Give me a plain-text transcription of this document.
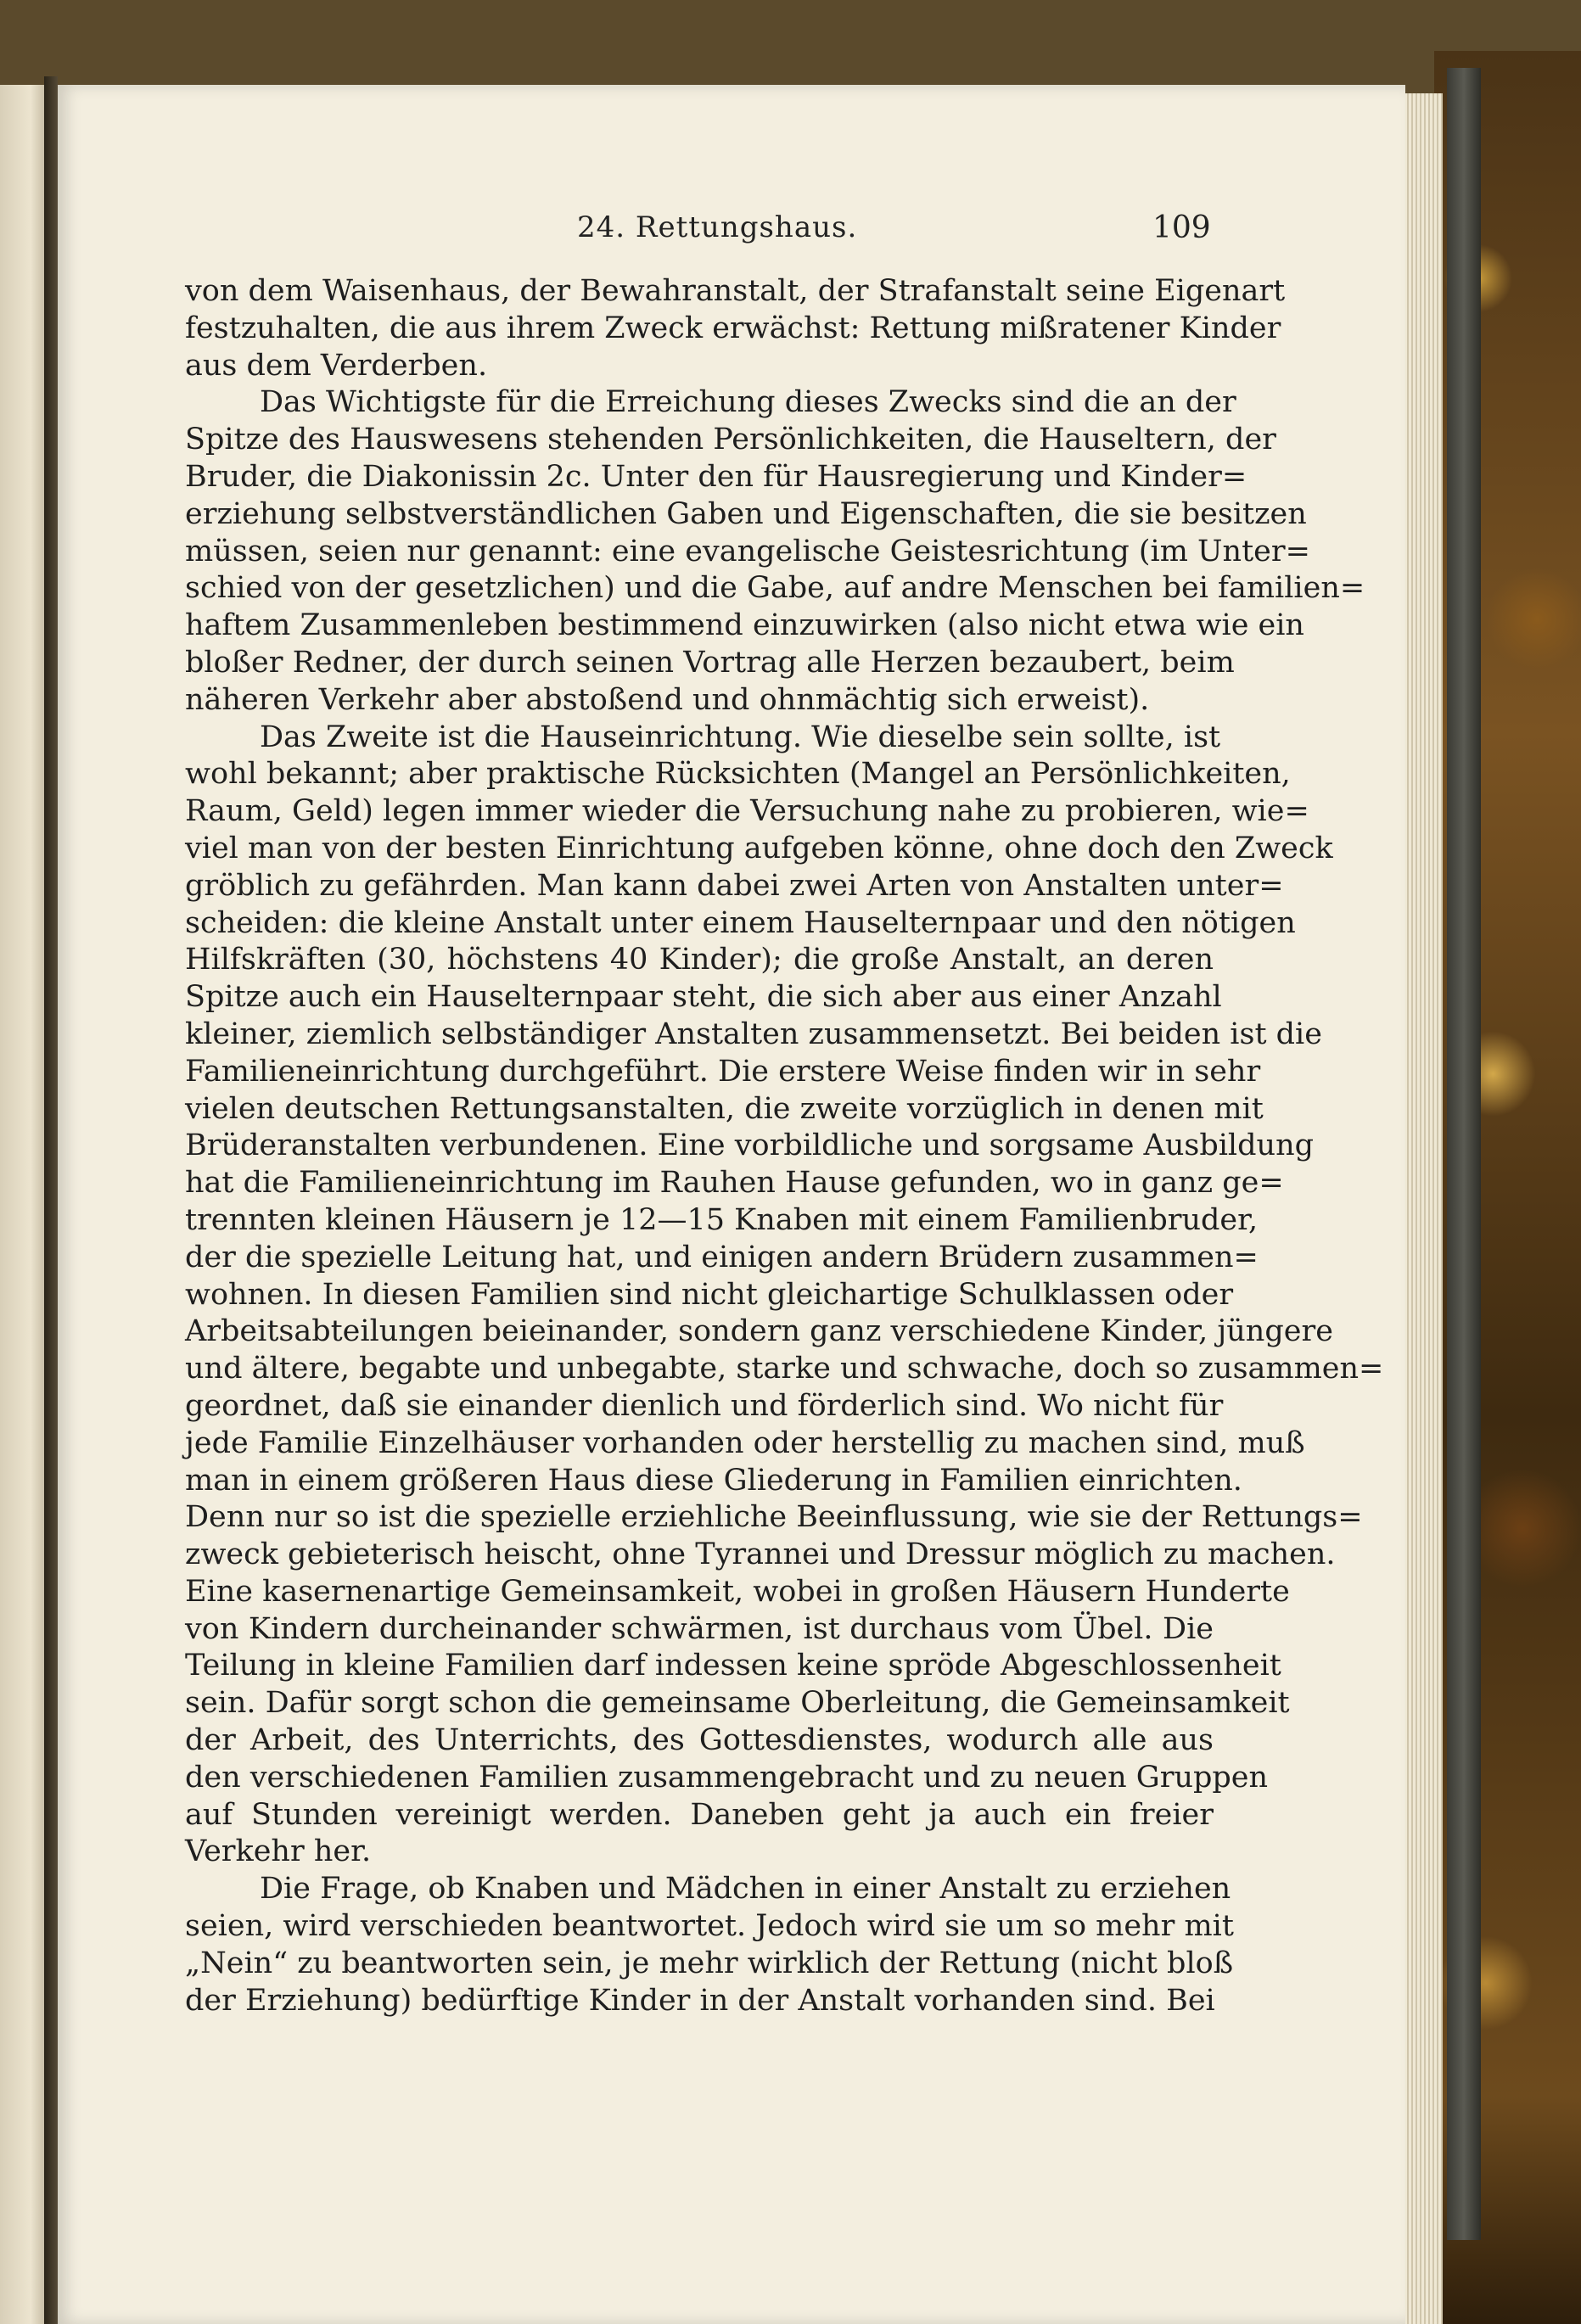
24. Rettungshaus.	109
von dem Waisenhaus, der Bewahranstalt, der Strafanstalt seine Eigenart
festzuhalten, die aus ihrem Zweck erwächst: Rettung mißratener Kinder
aus dem Verderben.
Das Wichtigste für die Erreichung dieses Zwecks sind die an der
Spitze des Hauswesens stehenden Persönlichkeiten, die Hauseltern, der
Bruder, die Diakonissin 2c. Unter den für Hausregierung und Kinder=
erziehung selbstverständlichen Gaben und Eigenschaften, die sie besitzen
müssen, seien nur genannt: eine evangelische Geistesrichtung (im Unter=
schied von der gesetzlichen) und die Gabe, auf andre Menschen bei familien=
haftem Zusammenleben bestimmend einzuwirken (also nicht etwa wie ein
bloßer Redner, der durch seinen Vortrag alle Herzen bezaubert, beim
näheren Verkehr aber abstoßend und ohnmächtig sich erweist).
Das Zweite ist die Hauseinrichtung. Wie dieselbe sein sollte, ist
wohl bekannt; aber praktische Rücksichten (Mangel an Persönlichkeiten,
Raum, Geld) legen immer wieder die Versuchung nahe zu probieren, wie=
viel man von der besten Einrichtung aufgeben könne, ohne doch den Zweck
gröblich zu gefährden. Man kann dabei zwei Arten von Anstalten unter=
scheiden: die kleine Anstalt unter einem Hauselternpaar und den nötigen
Hilfskräften (30, höchstens 40 Kinder); die große Anstalt, an deren
Spitze auch ein Hauselternpaar steht, die sich aber aus einer Anzahl
kleiner, ziemlich selbständiger Anstalten zusammensetzt. Bei beiden ist die
Familieneinrichtung durchgeführt. Die erstere Weise finden wir in sehr
vielen deutschen Rettungsanstalten, die zweite vorzüglich in denen mit
Brüderanstalten verbundenen. Eine vorbildliche und sorgsame Ausbildung
hat die Familieneinrichtung im Rauhen Hause gefunden, wo in ganz ge=
trennten kleinen Häusern je 12—15 Knaben mit einem Familienbruder,
der die spezielle Leitung hat, und einigen andern Brüdern zusammen=
wohnen. In diesen Familien sind nicht gleichartige Schulklassen oder
Arbeitsabteilungen beieinander, sondern ganz verschiedene Kinder, jüngere
und ältere, begabte und unbegabte, starke und schwache, doch so zusammen=
geordnet, daß sie einander dienlich und förderlich sind. Wo nicht für
jede Familie Einzelhäuser vorhanden oder herstellig zu machen sind, muß
man in einem größeren Haus diese Gliederung in Familien einrichten.
Denn nur so ist die spezielle erziehliche Beeinflussung, wie sie der Rettungs=
zweck gebieterisch heischt, ohne Tyrannei und Dressur möglich zu machen.
Eine kasernenartige Gemeinsamkeit, wobei in großen Häusern Hunderte
von Kindern durcheinander schwärmen, ist durchaus vom Übel. Die
Teilung in kleine Familien darf indessen keine spröde Abgeschlossenheit
sein. Dafür sorgt schon die gemeinsame Oberleitung, die Gemeinsamkeit
der Arbeit, des Unterrichts, des Gottesdienstes, wodurch alle aus
den verschiedenen Familien zusammengebracht und zu neuen Gruppen
auf Stunden vereinigt werden. Daneben geht ja auch ein freier
Verkehr her.
Die Frage, ob Knaben und Mädchen in einer Anstalt zu erziehen
seien, wird verschieden beantwortet. Jedoch wird sie um so mehr mit
„Nein“ zu beantworten sein, je mehr wirklich der Rettung (nicht bloß
der Erziehung) bedürftige Kinder in der Anstalt vorhanden sind. Bei
